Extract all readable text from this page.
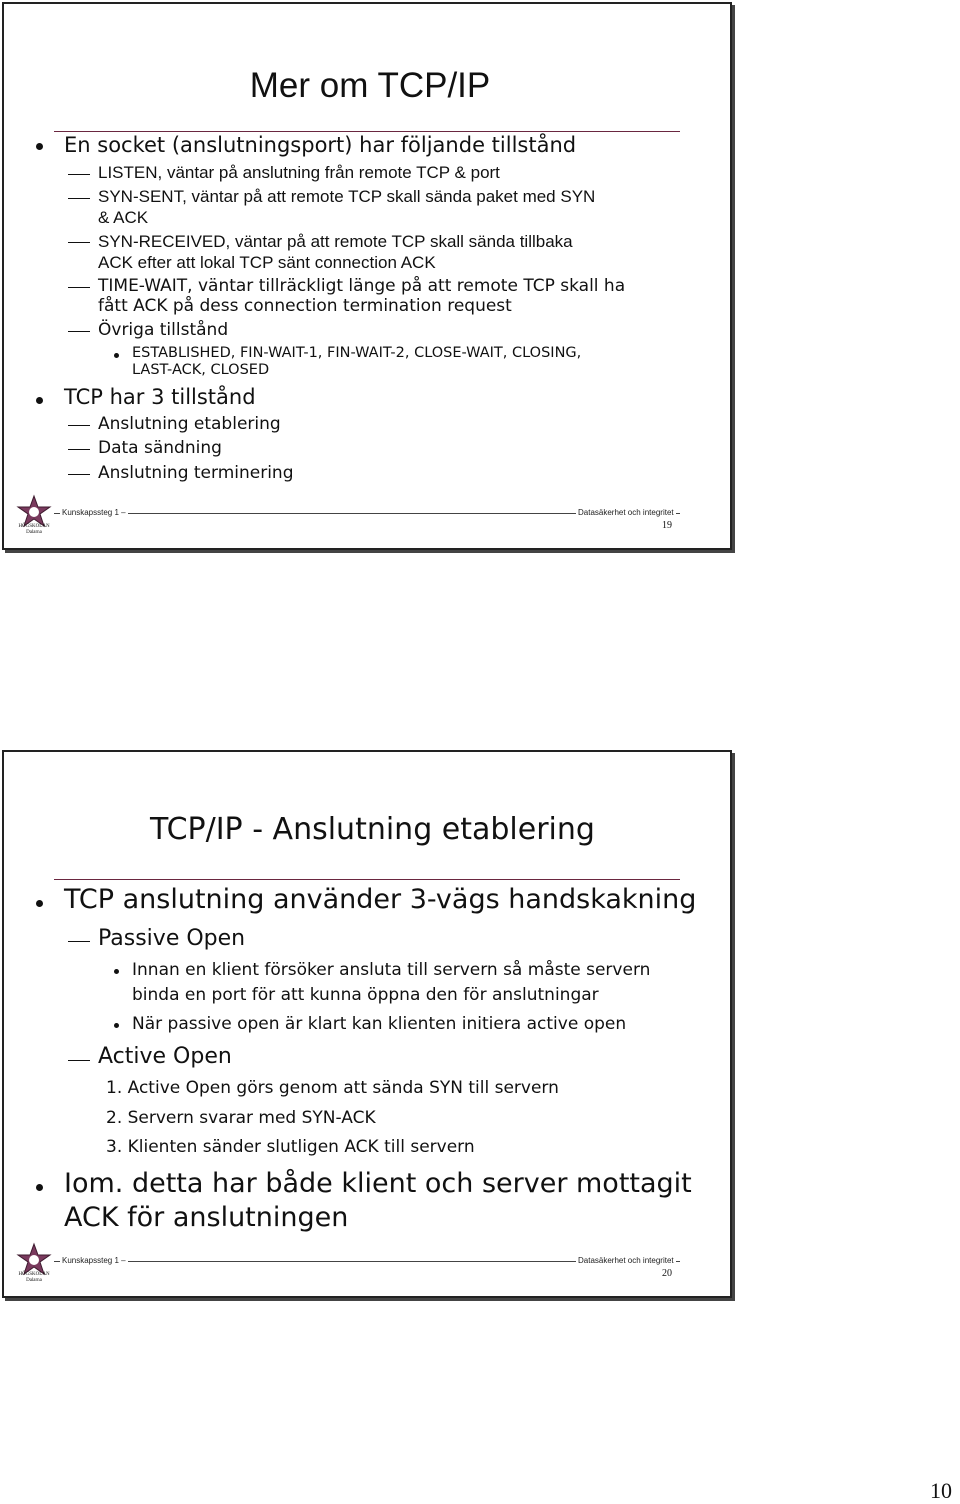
Mer om TCP/IP
En socket (anslutningsport) har följande tillstånd
LISTEN, väntar på anslutning från remote TCP & port
SYN-SENT, väntar på att remote TCP skall sända paket med SYN
& ACK
SYN-RECEIVED, väntar på att remote TCP skall sända tillbaka
ACK efter att lokal TCP sänt connection ACK
TIME-WAIT, väntar tillräckligt länge på att remote TCP skall ha
fått ACK på dess connection termination request
Övriga tillstånd
ESTABLISHED, FIN-WAIT-1, FIN-WAIT-2, CLOSE-WAIT, CLOSING,
LAST-ACK, CLOSED
TCP har 3 tillstånd
Anslutning etablering
Data sändning
Anslutning terminering
HÖGSKOLAN
Dalarna
Kunskapssteg 1 –	Datasäkerhet och integritet
19
TCP/IP - Anslutning etablering
TCP anslutning använder 3-vägs handskakning
Passive Open
Innan en klient försöker ansluta till servern så måste servern
binda en port för att kunna öppna den för anslutningar
När passive open är klart kan klienten initiera active open
Active Open
1. Active Open görs genom att sända SYN till servern
2. Servern svarar med SYN-ACK
3. Klienten sänder slutligen ACK till servern
Iom. detta har både klient och server mottagit
ACK för anslutningen
HÖGSKOLAN
Dalarna
Kunskapssteg 1 –	Datasäkerhet och integritet
20
10
